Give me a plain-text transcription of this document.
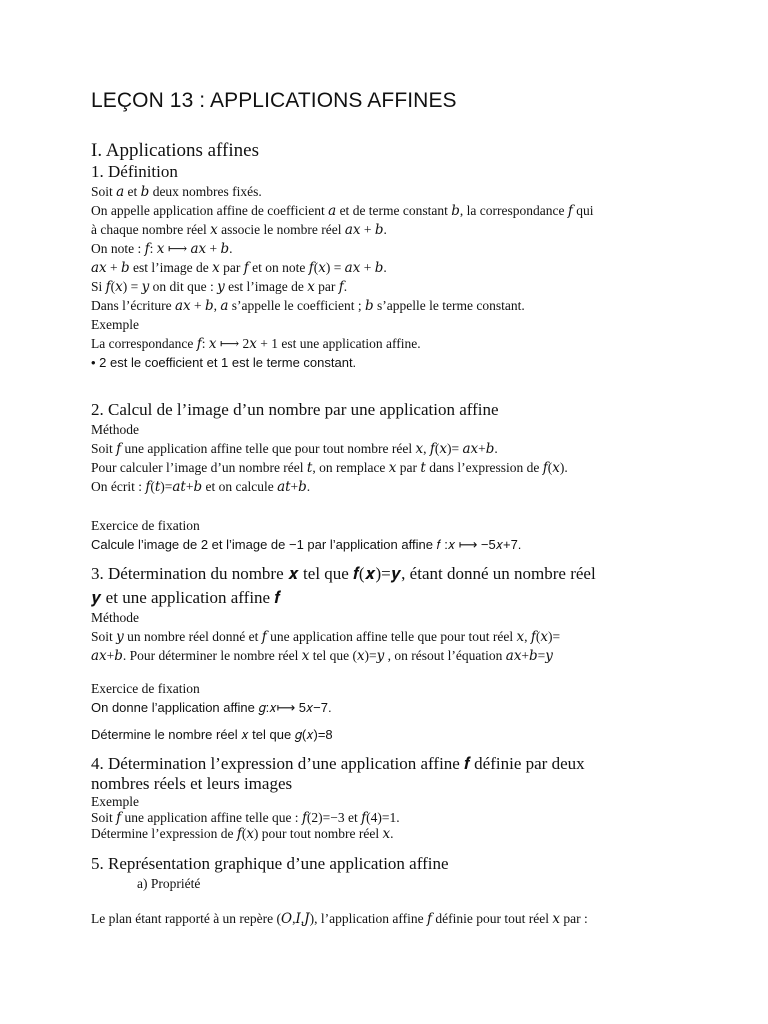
LEÇON 13 : APPLICATIONS AFFINES
I. Applications affines
1. Définition
Soit 𝑎 et 𝑏 deux nombres fixés.
On appelle application affine de coefficient 𝑎 et de terme constant 𝑏, la correspondance 𝑓 qui
à chaque nombre réel 𝑥 associe le nombre réel 𝑎𝑥 + 𝑏.
On note : 𝑓: 𝑥 ⟼ 𝑎𝑥 + 𝑏.
𝑎𝑥 + 𝑏 est l’image de 𝑥 par 𝑓 et on note 𝑓(𝑥) = 𝑎𝑥 + 𝑏.
Si 𝑓(𝑥) = 𝑦 on dit que : 𝑦 est l’image de 𝑥 par 𝑓.
Dans l’écriture 𝑎𝑥 + 𝑏, 𝑎 s’appelle le coefficient ; 𝑏 s’appelle le terme constant.
Exemple
La correspondance 𝑓: 𝑥 ⟼ 2𝑥 + 1 est une application affine.
• 2 est le coefficient et 1 est le terme constant.
2. Calcul de l’image d’un nombre par une application affine
Méthode
Soit 𝑓 une application affine telle que pour tout nombre réel 𝑥, 𝑓(𝑥)= 𝑎𝑥+𝑏.
Pour calculer l’image d’un nombre réel 𝑡, on remplace 𝑥 par 𝑡 dans l’expression de 𝑓(𝑥).
On écrit : 𝑓(𝑡)=𝑎𝑡+𝑏 et on calcule 𝑎𝑡+𝑏.
Exercice de fixation
Calcule l’image de 2 et l’image de −1 par l’application affine 𝑓 :𝑥 ⟼ −5𝑥+7.
3. Détermination du nombre 𝒙 tel que 𝒇(𝒙)=𝒚, étant donné un nombre réel
𝒚 et une application affine 𝒇
Méthode
Soit 𝑦 un nombre réel donné et 𝑓 une application affine telle que pour tout réel 𝑥, 𝑓(𝑥)=
𝑎𝑥+𝑏. Pour déterminer le nombre réel 𝑥 tel que (𝑥)=𝑦 , on résout l’équation 𝑎𝑥+𝑏=𝑦
Exercice de fixation
On donne l’application affine 𝑔:𝑥⟼ 5𝑥−7.
Détermine le nombre réel 𝑥 tel que 𝑔(𝑥)=8
4. Détermination l’expression d’une application affine 𝒇 définie par deux
nombres réels et leurs images
Exemple
Soit 𝑓 une application affine telle que : 𝑓(2)=−3 et 𝑓(4)=1.
Détermine l’expression de 𝑓(𝑥) pour tout nombre réel 𝑥.
5. Représentation graphique d’une application affine
a) Propriété
Le plan étant rapporté à un repère (𝑂,𝐼,𝐽), l’application affine 𝑓 définie pour tout réel 𝑥 par :
